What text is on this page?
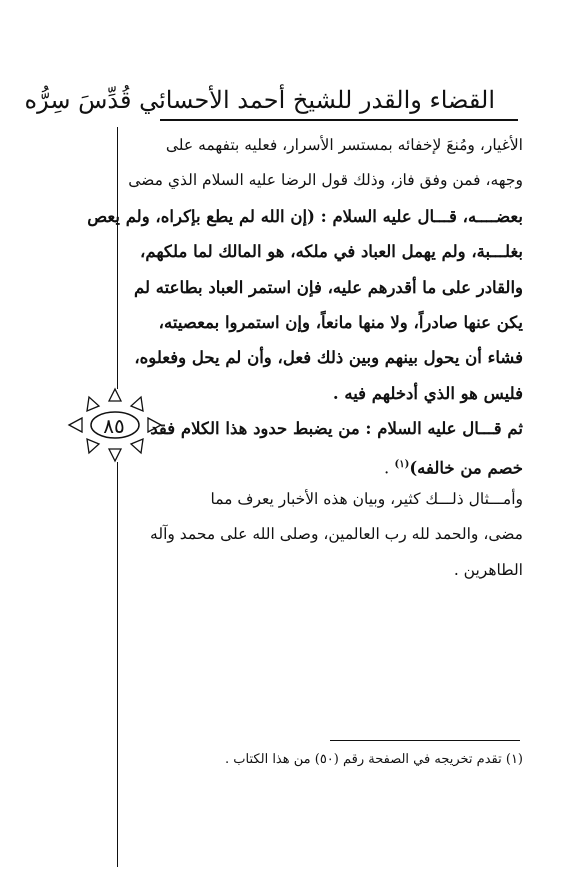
القضاء والقدر للشيخ أحمد الأحسائي قُدِّسَ سِرُّه
٨٥
الأغيار، ومُنعَ لإخفائه بمستسر الأسرار، فعليه بتفهمه على
وجهه، فمن وفق فاز، وذلك قول الرضا عليه السلام الذي مضى
بعضــــه، قـــال عليه السلام : (إن الله لم يطع بإكراه، ولم يعص
بغلـــبة، ولم يهمل العباد في ملكه، هو المالك لما ملكهم،
والقادر على ما أقدرهم عليه، فإن استمر العباد بطاعته لم
يكن عنها صادراً، ولا منها مانعاً، وإن استمروا بمعصيته،
فشاء أن يحول بينهم وبين ذلك فعل، وأن لم يحل وفعلوه،
فليس هو الذي أدخلهم فيه .
ثم قـــال عليه السلام : من يضبط حدود هذا الكلام فقد
خصم من خالفه)$^{(١)}$ .
وأمـــثال ذلـــك كثير، وبيان هذه الأخبار يعرف مما
مضى، والحمد لله رب العالمين، وصلى الله على محمد وآله
الطاهرين .
(١) تقدم تخريجه في الصفحة رقم (٥٠) من هذا الكتاب .
